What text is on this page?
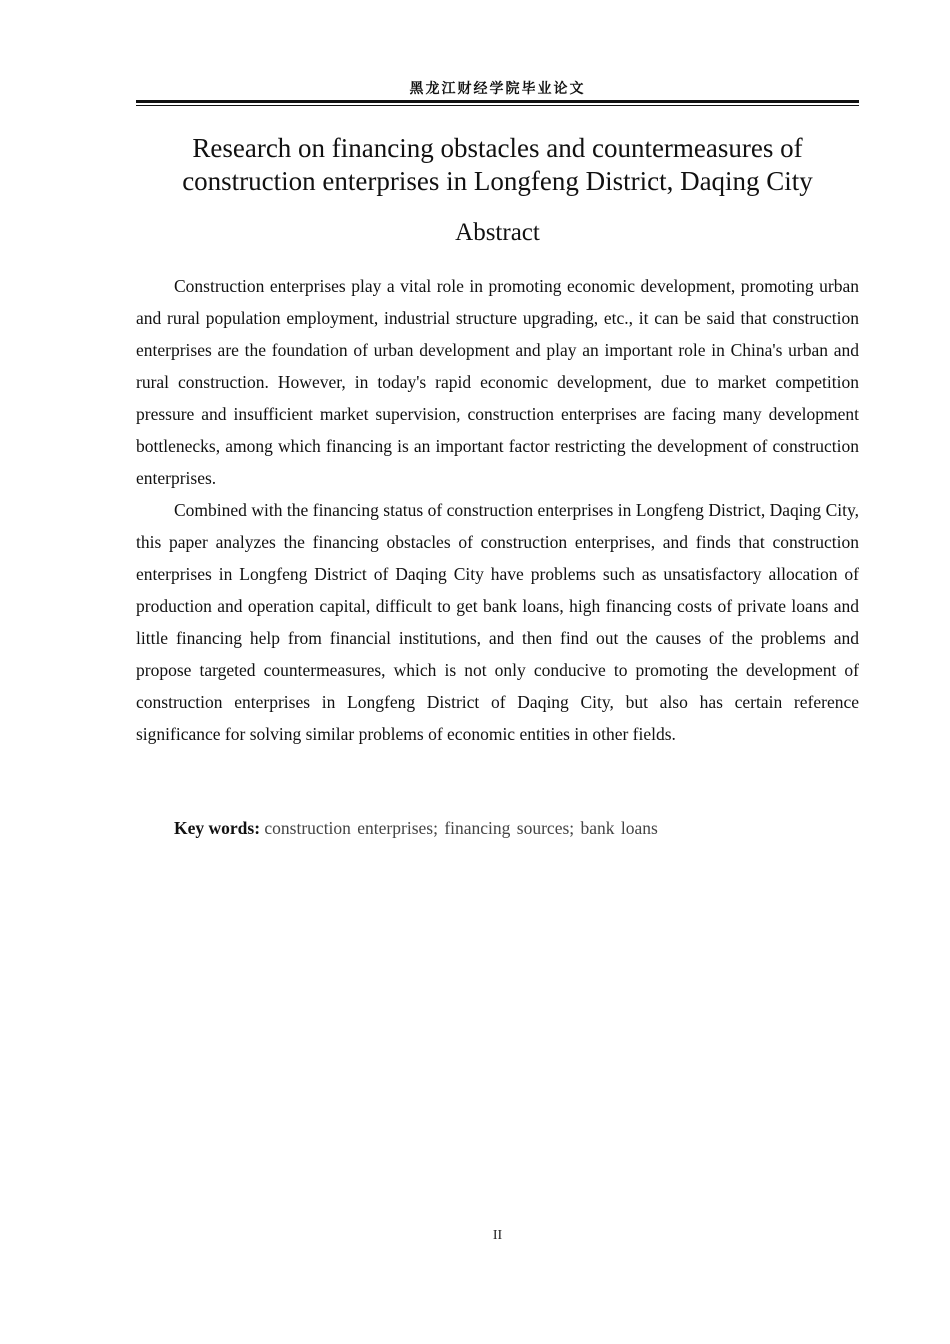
黑龙江财经学院毕业论文
Research on financing obstacles and countermeasures of
construction enterprises in Longfeng District, Daqing City
Abstract

Construction enterprises play a vital role in promoting economic development, promoting urban and rural population employment, industrial structure upgrading, etc., it can be said that construction enterprises are the foundation of urban development and play an important role in China's urban and rural construction. However, in today's rapid economic development, due to market competition pressure and insufficient market supervision, construction enterprises are facing many development bottlenecks, among which financing is an important factor restricting the development of construction enterprises.

Combined with the financing status of construction enterprises in Longfeng District, Daqing City, this paper analyzes the financing obstacles of construction enterprises, and finds that construction enterprises in Longfeng District of Daqing City have problems such as unsatisfactory allocation of production and operation capital, difficult to get bank loans, high financing costs of private loans and little financing help from financial institutions, and then find out the causes of the problems and propose targeted countermeasures, which is not only conducive to promoting the development of construction enterprises in Longfeng District of Daqing City, but also has certain reference significance for solving similar problems of economic entities in other fields.

Key words: construction enterprises; financing sources; bank loans

II
